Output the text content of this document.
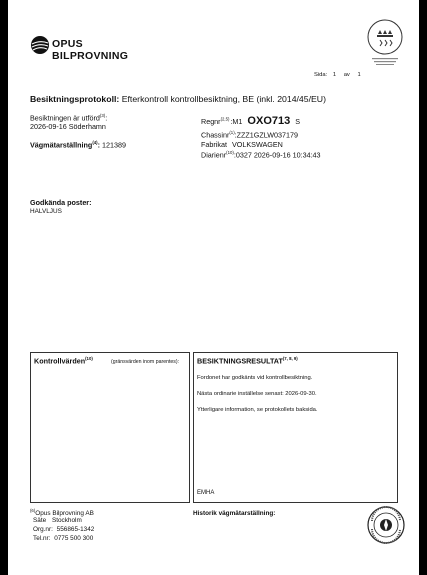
OPUS BILPROVNING
Sida: 1 av 1
Besiktningsprotokoll: Efterkontroll kontrollbesiktning, BE (inkl. 2014/45/EU)
Besiktningen är utförd$^{(3)}$:
2026-09-16 Söderhamn
Vägmätarställning$^{(4)}$: 121389
Regnr$^{(2,5)}$:M1 OXO713 S
Chassinr$^{(1)}$:ZZZ1GZLW037179
Fabrikat VOLKSWAGEN
Diarienr$^{(10)}$:0327 2026-09-16 10:34:43
Godkända poster:
HALVLJUS
Kontrollvärden$^{(10)}$
(gränsvärden inom parentes): BESIKTNINGSRESULTAT$^{(7, 8, 9)}$
Fordonet har godkänts vid kontrollbesiktning.
Nästa ordinarie inställelse senast: 2026-09-30.
Ytterligare information, se protokollets baksida.
EMHA
$^{(6)}$Opus Bilprovning AB
Säte Stockholm
Org.nr: 556865-1342
Tel.nr: 0775 500 300
Historik vägmätarställning:
